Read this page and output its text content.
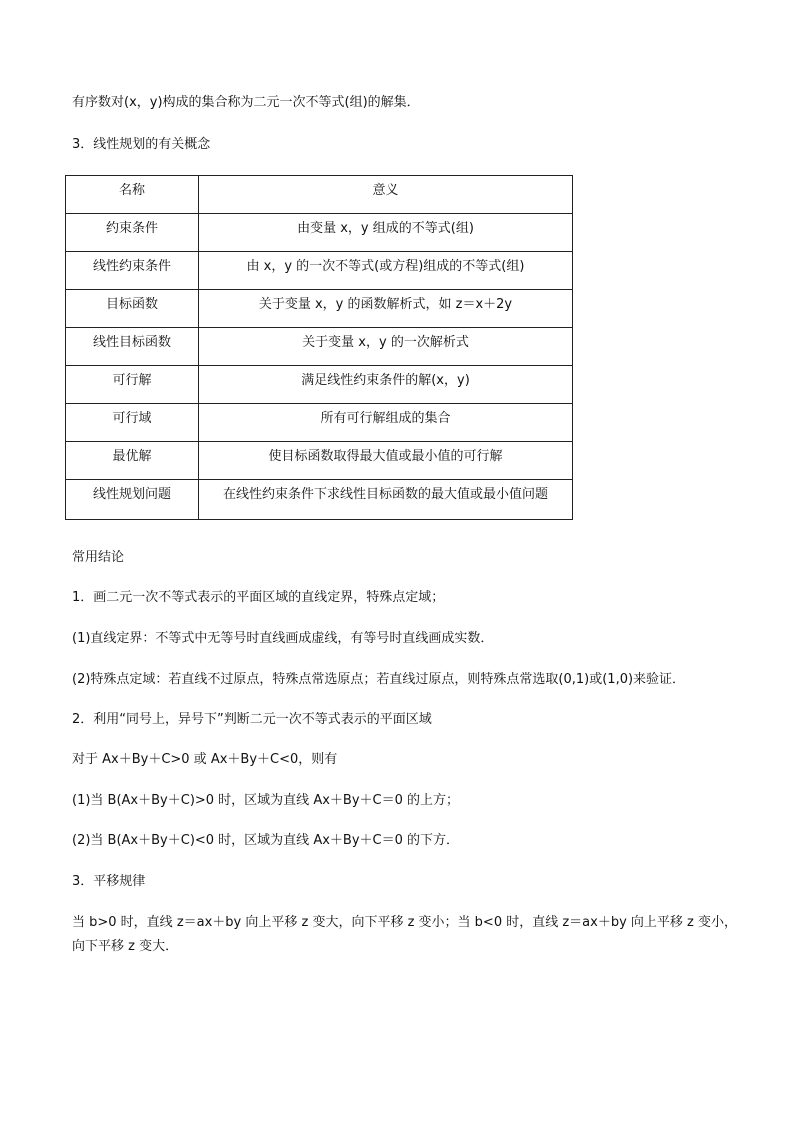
有序数对(x，y)构成的集合称为二元一次不等式(组)的解集．
3．线性规划的有关概念
名称	意义
约束条件	由变量 x，y 组成的不等式(组)
线性约束条件	由 x，y 的一次不等式(或方程)组成的不等式(组)
目标函数	关于变量 x，y 的函数解析式，如 z＝x＋2y
线性目标函数	关于变量 x，y 的一次解析式
可行解	满足线性约束条件的解(x，y)
可行域	所有可行解组成的集合
最优解	使目标函数取得最大值或最小值的可行解
线性规划问题	在线性约束条件下求线性目标函数的最大值或最小值问题
常用结论
1．画二元一次不等式表示的平面区域的直线定界，特殊点定域；
(1)直线定界：不等式中无等号时直线画成虚线，有等号时直线画成实数．
(2)特殊点定域：若直线不过原点，特殊点常选原点；若直线过原点，则特殊点常选取(0,1)或(1,0)来验证．
2．利用“同号上，异号下”判断二元一次不等式表示的平面区域
对于 Ax＋By＋C>0 或 Ax＋By＋C<0，则有
(1)当 B(Ax＋By＋C)>0 时，区域为直线 Ax＋By＋C＝0 的上方；
(2)当 B(Ax＋By＋C)<0 时，区域为直线 Ax＋By＋C＝0 的下方．
3．平移规律
当 b>0 时，直线 z＝ax＋by 向上平移 z 变大，向下平移 z 变小；当 b<0 时，直线 z＝ax＋by 向上平移 z 变小，向下平移 z 变大．
